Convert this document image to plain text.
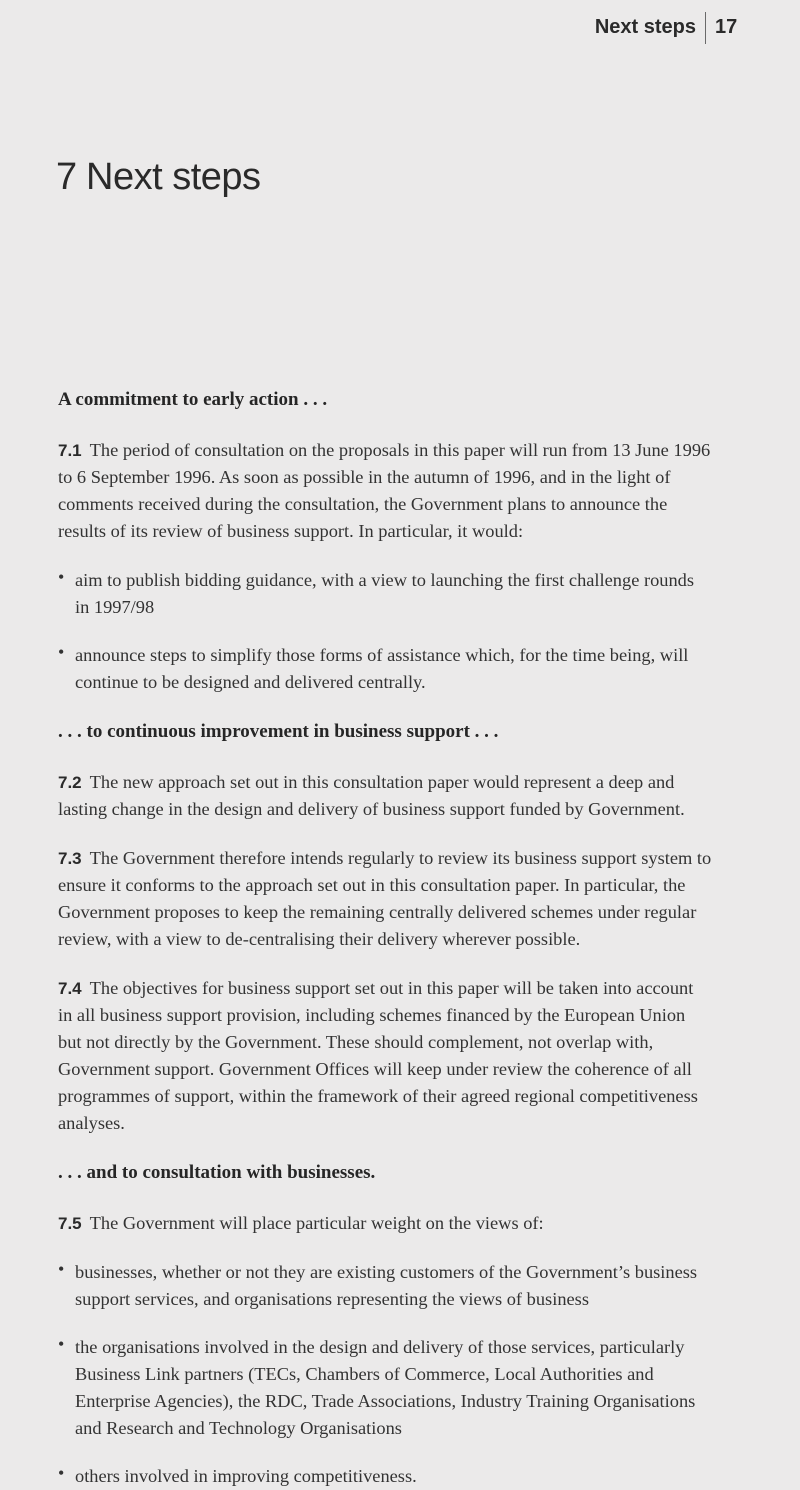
Next steps 17
7 Next steps

A commitment to early action . . .

7.1 The period of consultation on the proposals in this paper will run from 13 June 1996 to 6 September 1996. As soon as possible in the autumn of 1996, and in the light of comments received during the consultation, the Government plans to announce the results of its review of business support. In particular, it would:

• aim to publish bidding guidance, with a view to launching the first challenge rounds in 1997/98
• announce steps to simplify those forms of assistance which, for the time being, will continue to be designed and delivered centrally.

. . . to continuous improvement in business support . . .

7.2 The new approach set out in this consultation paper would represent a deep and lasting change in the design and delivery of business support funded by Government.

7.3 The Government therefore intends regularly to review its business support system to ensure it conforms to the approach set out in this consultation paper. In particular, the Government proposes to keep the remaining centrally delivered schemes under regular review, with a view to de-centralising their delivery wherever possible.

7.4 The objectives for business support set out in this paper will be taken into account in all business support provision, including schemes financed by the European Union but not directly by the Government. These should complement, not overlap with, Government support. Government Offices will keep under review the coherence of all programmes of support, within the framework of their agreed regional competitiveness analyses.

. . . and to consultation with businesses.

7.5 The Government will place particular weight on the views of:

• businesses, whether or not they are existing customers of the Government’s business support services, and organisations representing the views of business
• the organisations involved in the design and delivery of those services, particularly Business Link partners (TECs, Chambers of Commerce, Local Authorities and Enterprise Agencies), the RDC, Trade Associations, Industry Training Organisations and Research and Technology Organisations
• others involved in improving competitiveness.
